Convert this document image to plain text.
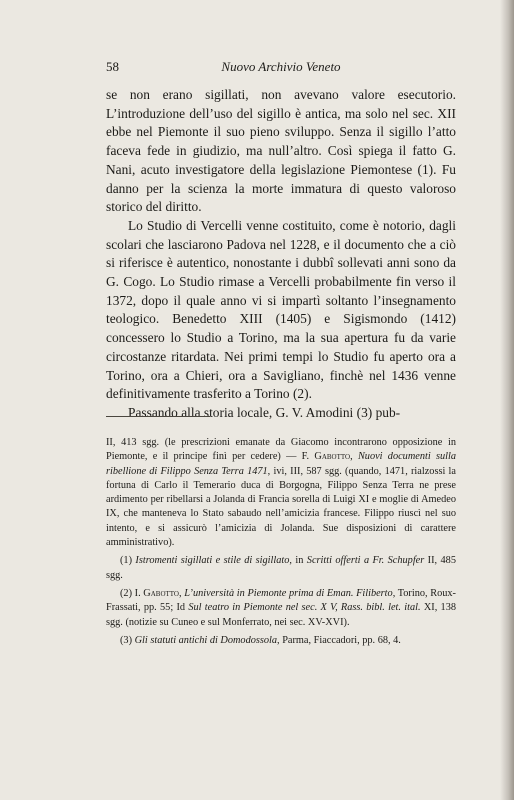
58	Nuovo Archivio Veneto

se non erano sigillati, non avevano valore esecutorio. L’introduzione dell’uso del sigillo è antica, ma solo nel sec. XII ebbe nel Piemonte il suo pieno sviluppo. Senza il sigillo l’atto faceva fede in giudizio, ma null’altro. Così spiega il fatto G. Nani, acuto investigatore della legislazione Piemontese (1). Fu danno per la scienza la morte immatura di questo valoroso storico del diritto.

Lo Studio di Vercelli venne costituito, come è notorio, dagli scolari che lasciarono Padova nel 1228, e il documento che a ciò si riferisce è autentico, nonostante i dubbî sollevati anni sono da G. Cogo. Lo Studio rimase a Vercelli probabilmente fin verso il 1372, dopo il quale anno vi si impartì soltanto l’insegnamento teologico. Benedetto XIII (1405) e Sigismondo (1412) concessero lo Studio a Torino, ma la sua apertura fu da varie circostanze ritardata. Nei primi tempi lo Studio fu aperto ora a Torino, ora a Chieri, ora a Savigliano, finchè nel 1436 venne definitivamente trasferito a Torino (2).

Passando alla storia locale, G. V. Amodini (3) pub-

II, 413 sgg. (le prescrizioni emanate da Giacomo incontrarono opposizione in Piemonte, e il principe finì per cedere) — F. Gabotto, Nuovi documenti sulla ribellione di Filippo Senza Terra 1471, ivi, III, 587 sgg. (quando, 1471, rialzossi la fortuna di Carlo il Temerario duca di Borgogna, Filippo Senza Terra ne prese ardimento per ribellarsi a Jolanda di Francia sorella di Luigi XI e moglie di Amedeo IX, che manteneva lo Stato sabaudo nell’amicizia francese. Filippo riuscì nel suo intento, e si assicurò l’amicizia di Jolanda. Sue disposizioni di carattere amministrativo).

(1) Istromenti sigillati e stile di sigillato, in Scritti offerti a Fr. Schupfer II, 485 sgg.

(2) I. Gabotto, L’università in Piemonte prima di Eman. Filiberto, Torino, Roux-Frassati, pp. 55; Id Sul teatro in Piemonte nel sec. X V, Rass. bibl. let. ital. XI, 138 sgg. (notizie su Cuneo e sul Monferrato, nei sec. XV-XVI).

(3) Gli statuti antichi di Domodossola, Parma, Fiaccadori, pp. 68, 4.
